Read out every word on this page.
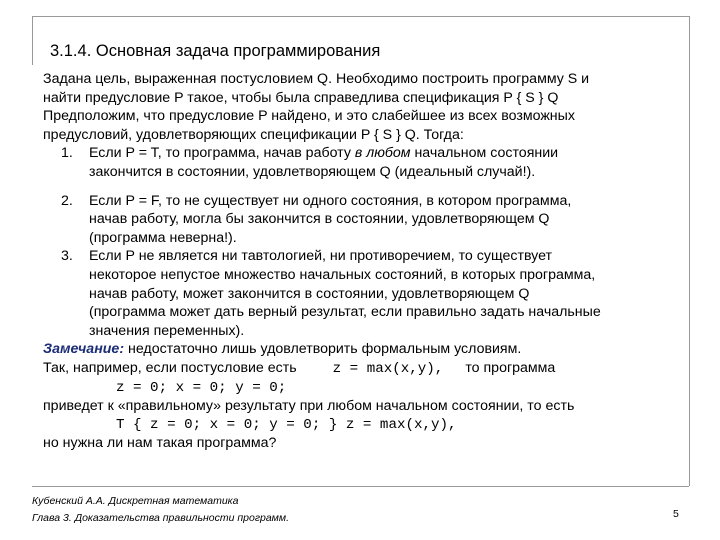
3.1.4. Основная задача программирования

Задана цель, выраженная постусловием Q. Необходимо построить программу S и

найти предусловие P такое, чтобы была справедлива спецификация P { S } Q

Предположим, что предусловие P найдено, и это слабейшее из всех возможных

предусловий, удовлетворяющих спецификации P { S } Q. Тогда:

1. Если P = T, то программа, начав работу в любом начальном состоянии

закончится в состоянии, удовлетворяющем Q (идеальный случай!).

2. Если P = F, то не существует ни одного состояния, в котором программа,

начав работу, могла бы закончится в состоянии, удовлетворяющем Q

(программа неверна!).

3. Если P не является ни тавтологией, ни противоречием, то существует

некоторое непустое множество начальных состояний, в которых программа,

начав работу, может закончится в состоянии, удовлетворяющем Q

(программа может дать верный результат, если правильно задать начальные

значения переменных).

Замечание: недостаточно лишь удовлетворить формальным условиям.

Так, например, если постусловие есть	z = max(x,y), то программа

z = 0; x = 0; y = 0;

приведет к «правильному» результату при любом начальном состоянии, то есть

T { z = 0; x = 0; y = 0; } z = max(x,y),

но нужна ли нам такая программа?

Кубенский А.А. Дискретная математика
Глава 3. Доказательства правильности программ.	5
